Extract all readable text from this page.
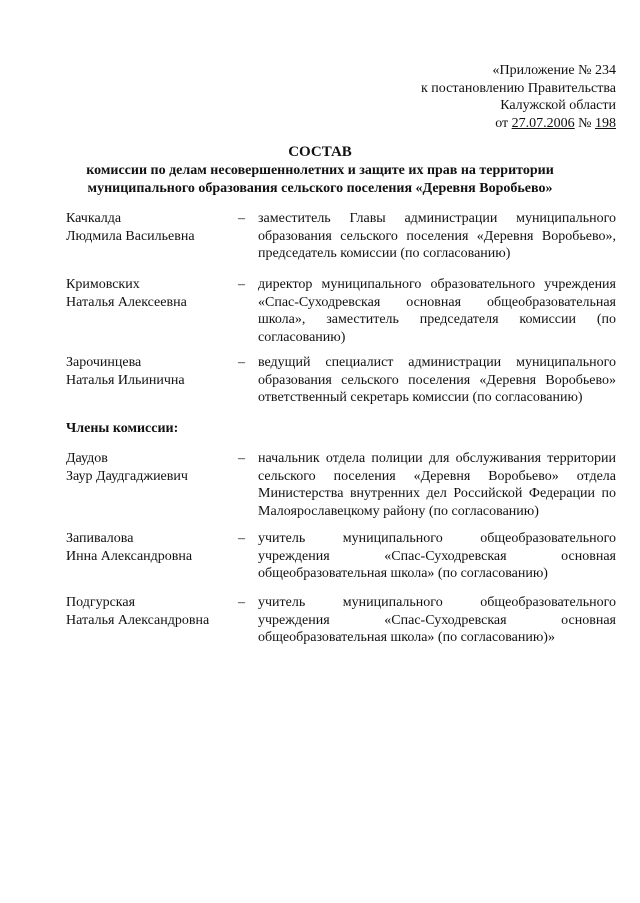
«Приложение № 234
к постановлению Правительства
Калужской области
от 27.07.2006 № 198
СОСТАВ
комиссии по делам несовершеннолетних и защите их прав на территории
муниципального образования сельского поселения «Деревня Воробьево»
Качкалда
Людмила Васильевна
– заместитель Главы администрации муниципального образования сельского поселения «Деревня Воробьево», председатель комиссии (по согласованию)
Кримовских
Наталья Алексеевна
– директор муниципального образовательного учреждения «Спас-Суходревская основная общеобразовательная школа», заместитель председателя комиссии (по согласованию)
Зарочинцева
Наталья Ильинична
– ведущий специалист администрации муниципального образования сельского поселения «Деревня Воробьево» ответственный секретарь комиссии (по согласованию)
Члены комиссии:
Даудов
Заур Даудгаджиевич
– начальник отдела полиции для обслуживания территории сельского поселения «Деревня Воробьево» отдела Министерства внутренних дел Российской Федерации по Малоярославецкому району (по согласованию)
Запивалова
Инна Александровна
– учитель муниципального общеобразовательного учреждения «Спас-Суходревская основная общеобразовательная школа» (по согласованию)
Подгурская
Наталья Александровна
– учитель муниципального общеобразовательного учреждения «Спас-Суходревская основная общеобразовательная школа» (по согласованию)»
